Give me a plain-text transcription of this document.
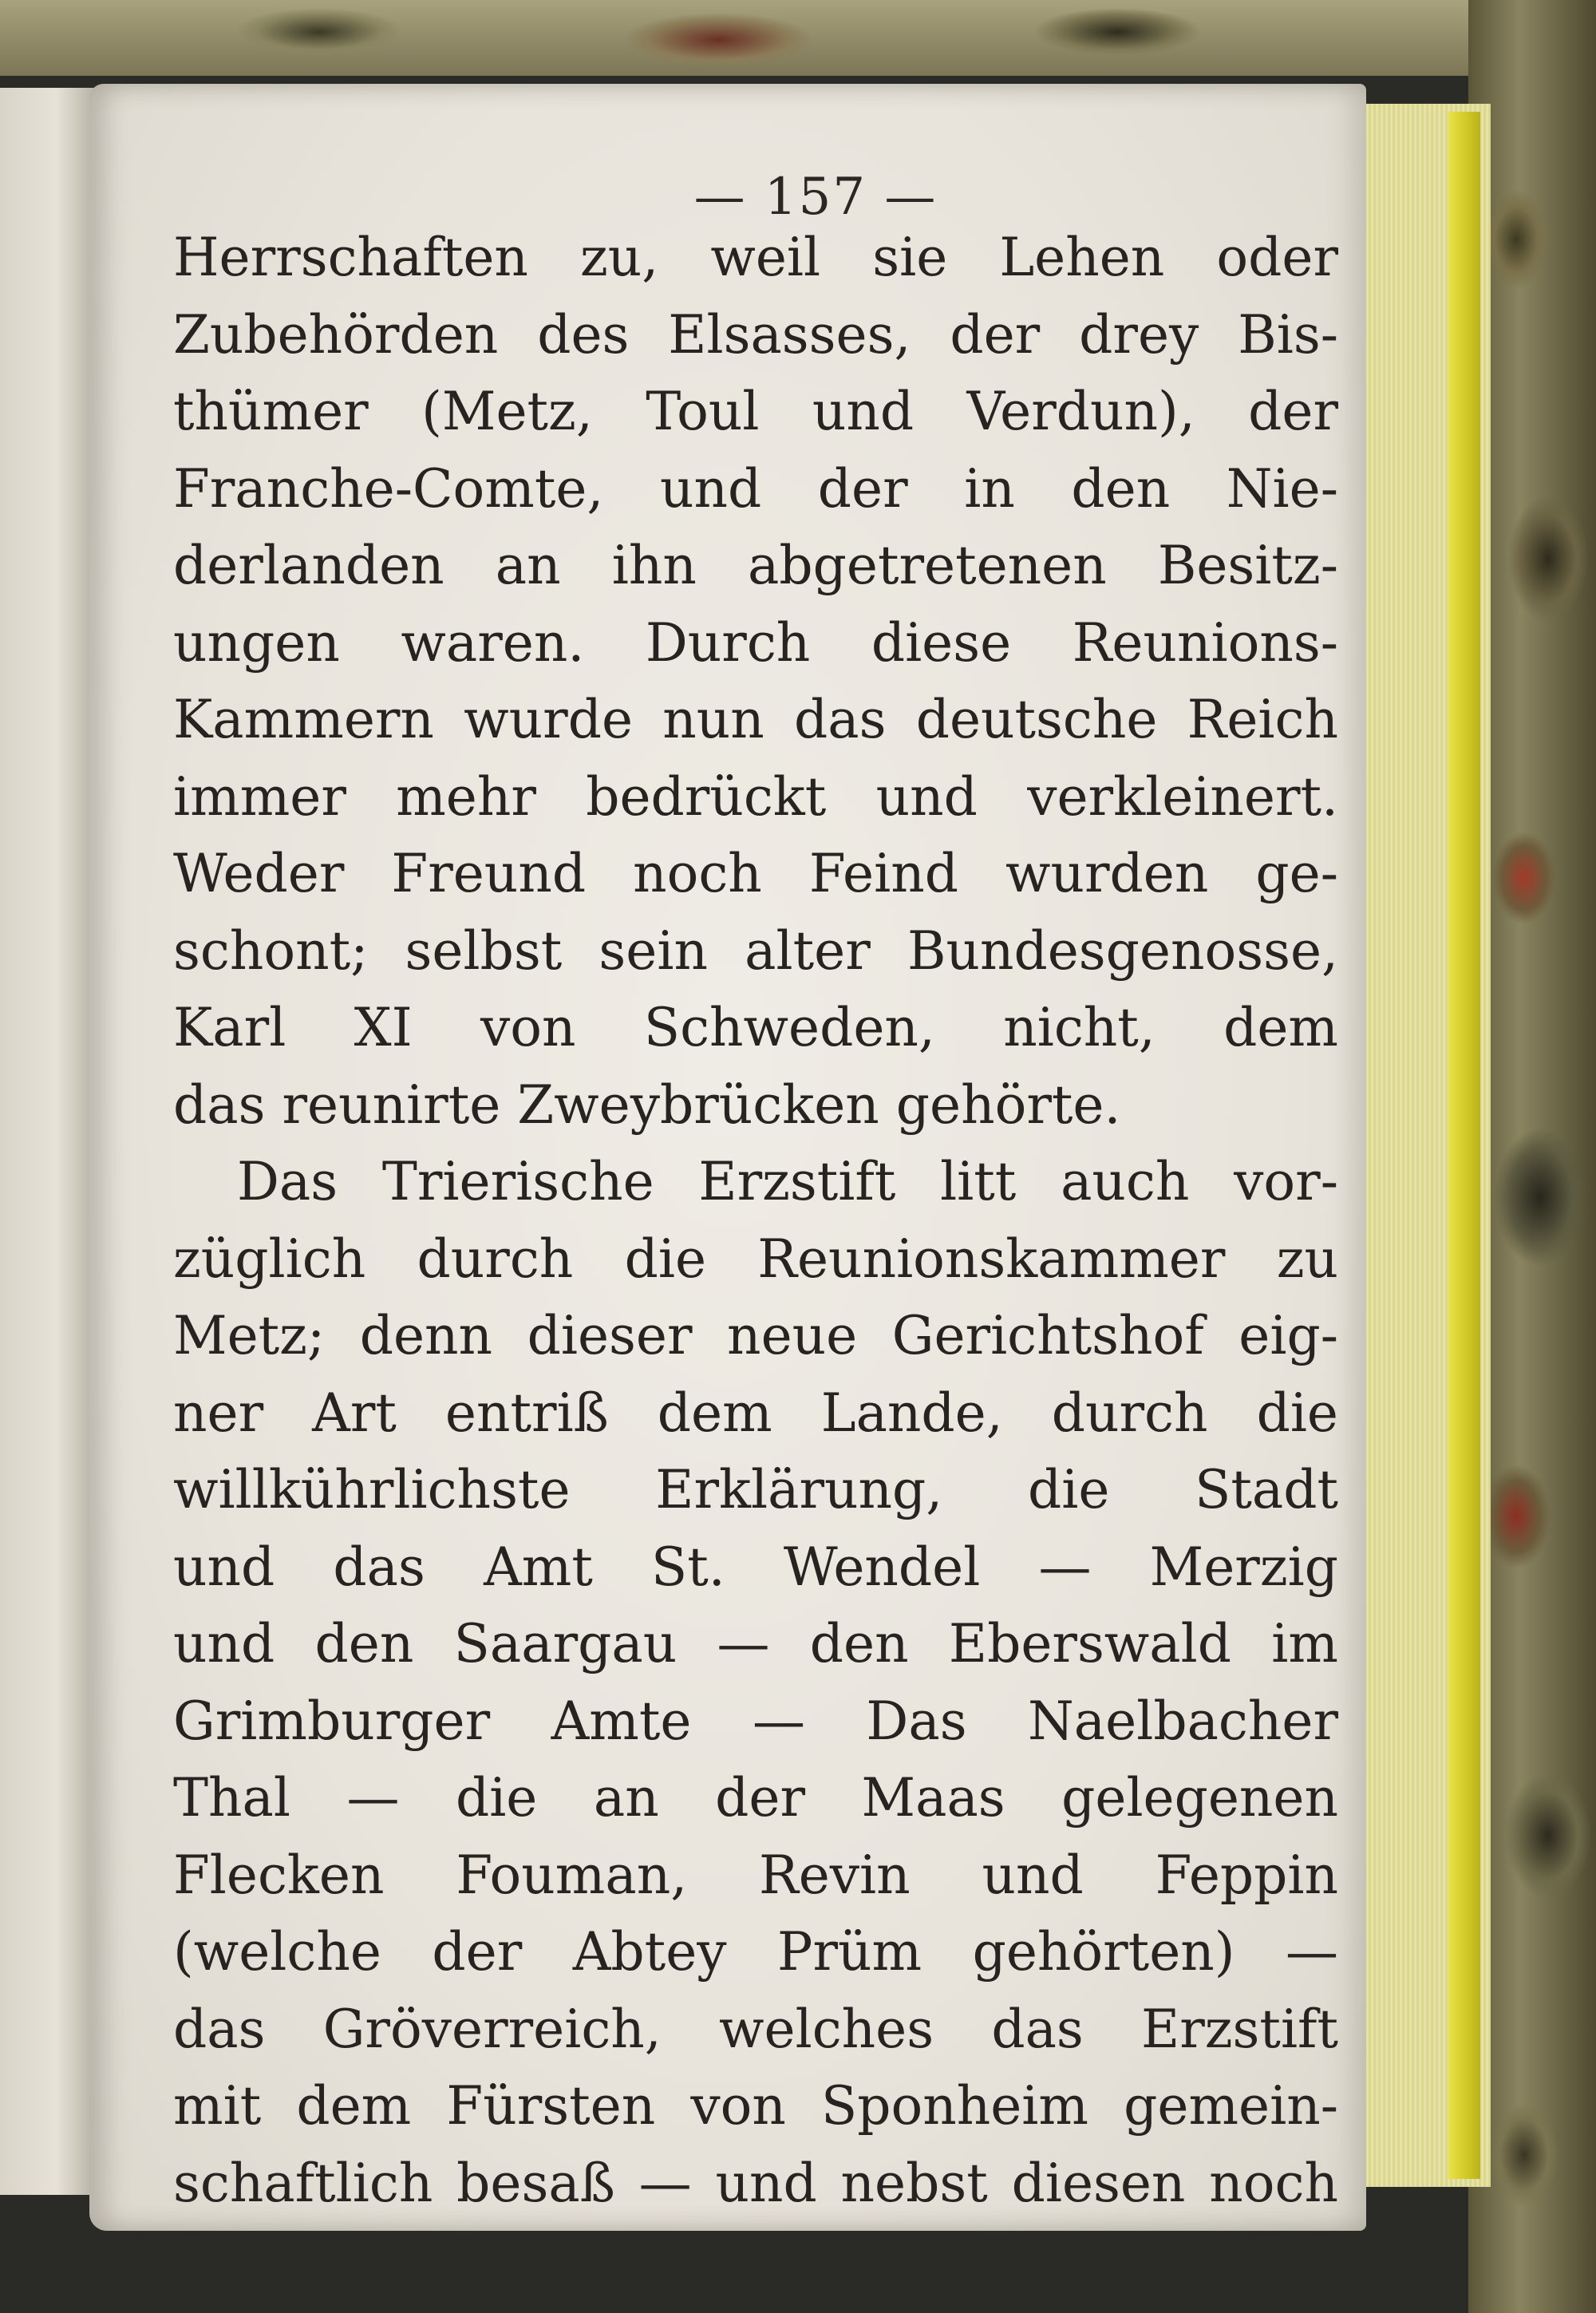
— 157 —
Herrschaften zu, weil sie Lehen oder
Zubehörden des Elsasses, der drey Bis-
thümer (Metz, Toul und Verdun), der
Franche-Comte, und der in den Nie-
derlanden an ihn abgetretenen Besitz-
ungen waren. Durch diese Reunions-
Kammern wurde nun das deutsche Reich
immer mehr bedrückt und verkleinert.
Weder Freund noch Feind wurden ge-
schont; selbst sein alter Bundesgenosse,
Karl XI von Schweden, nicht, dem
das reunirte Zweybrücken gehörte.
Das Trierische Erzstift litt auch vor-
züglich durch die Reunionskammer zu
Metz; denn dieser neue Gerichtshof eig-
ner Art entriß dem Lande, durch die
willkührlichste Erklärung, die Stadt
und das Amt St. Wendel — Merzig
und den Saargau — den Eberswald im
Grimburger Amte — Das Naelbacher
Thal — die an der Maas gelegenen
Flecken Fouman, Revin und Feppin
(welche der Abtey Prüm gehörten) —
das Gröverreich, welches das Erzstift
mit dem Fürsten von Sponheim gemein-
schaftlich besaß — und nebst diesen noch
